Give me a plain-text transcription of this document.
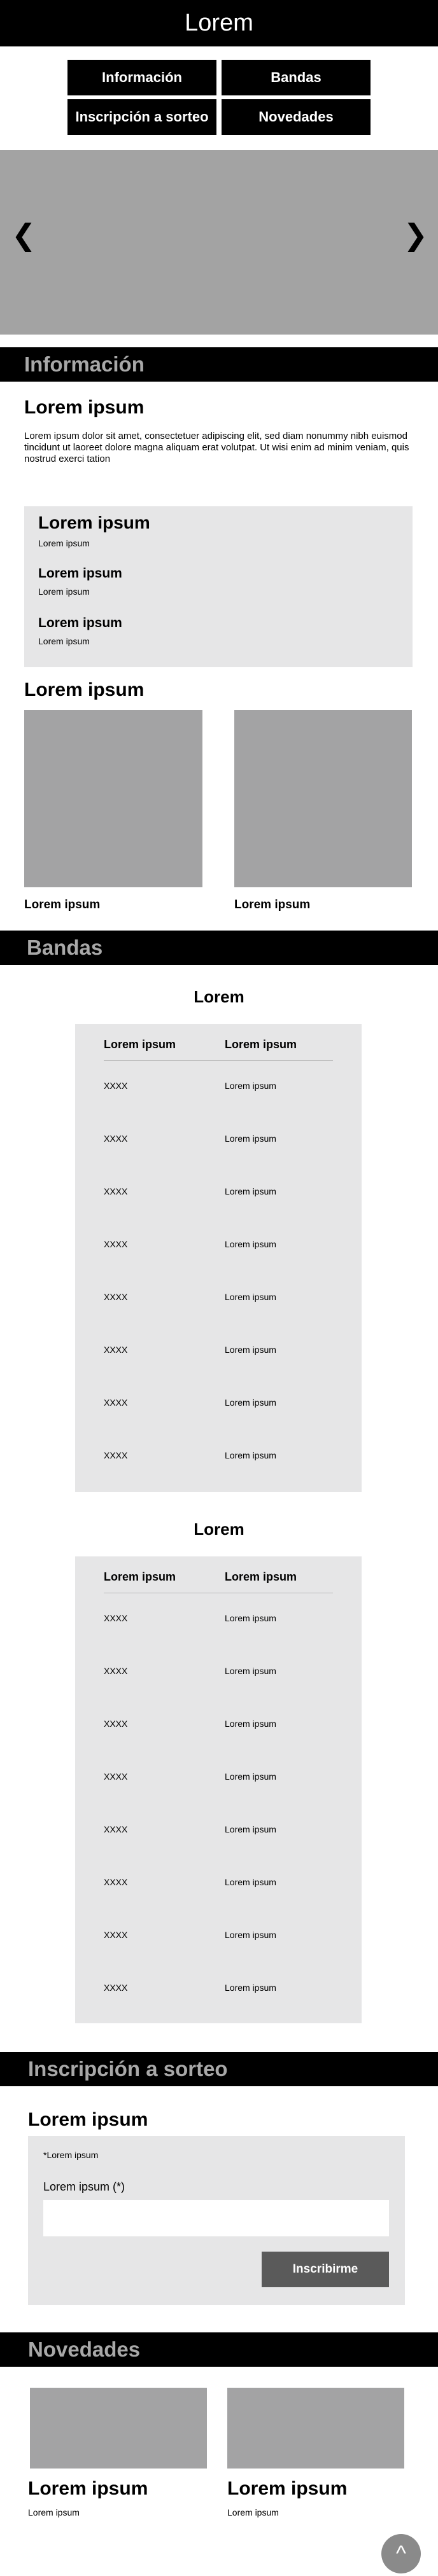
Lorem
Información	Bandas
Inscripción a sorteo	Novedades
❮	❯
Información
Lorem ipsum
Lorem ipsum dolor sit amet, consectetuer adipiscing elit, sed diam nonummy nibh euismod tincidunt ut laoreet dolore magna aliquam erat volutpat. Ut wisi enim ad minim veniam, quis nostrud exerci tation
Lorem ipsum
Lorem ipsum
Lorem ipsum
Lorem ipsum
Lorem ipsum
Lorem ipsum
Lorem ipsum
Lorem ipsum	Lorem ipsum
Bandas
Lorem
Lorem ipsum	Lorem ipsum
XXXX	Lorem ipsum
XXXX	Lorem ipsum
XXXX	Lorem ipsum
XXXX	Lorem ipsum
XXXX	Lorem ipsum
XXXX	Lorem ipsum
XXXX	Lorem ipsum
XXXX	Lorem ipsum
Lorem
Lorem ipsum	Lorem ipsum
XXXX	Lorem ipsum
XXXX	Lorem ipsum
XXXX	Lorem ipsum
XXXX	Lorem ipsum
XXXX	Lorem ipsum
XXXX	Lorem ipsum
XXXX	Lorem ipsum
XXXX	Lorem ipsum
Inscripción a sorteo
Lorem ipsum
*Lorem ipsum
Lorem ipsum (*)
Inscribirme
Novedades
Lorem ipsum	Lorem ipsum
Lorem ipsum	Lorem ipsum
^
